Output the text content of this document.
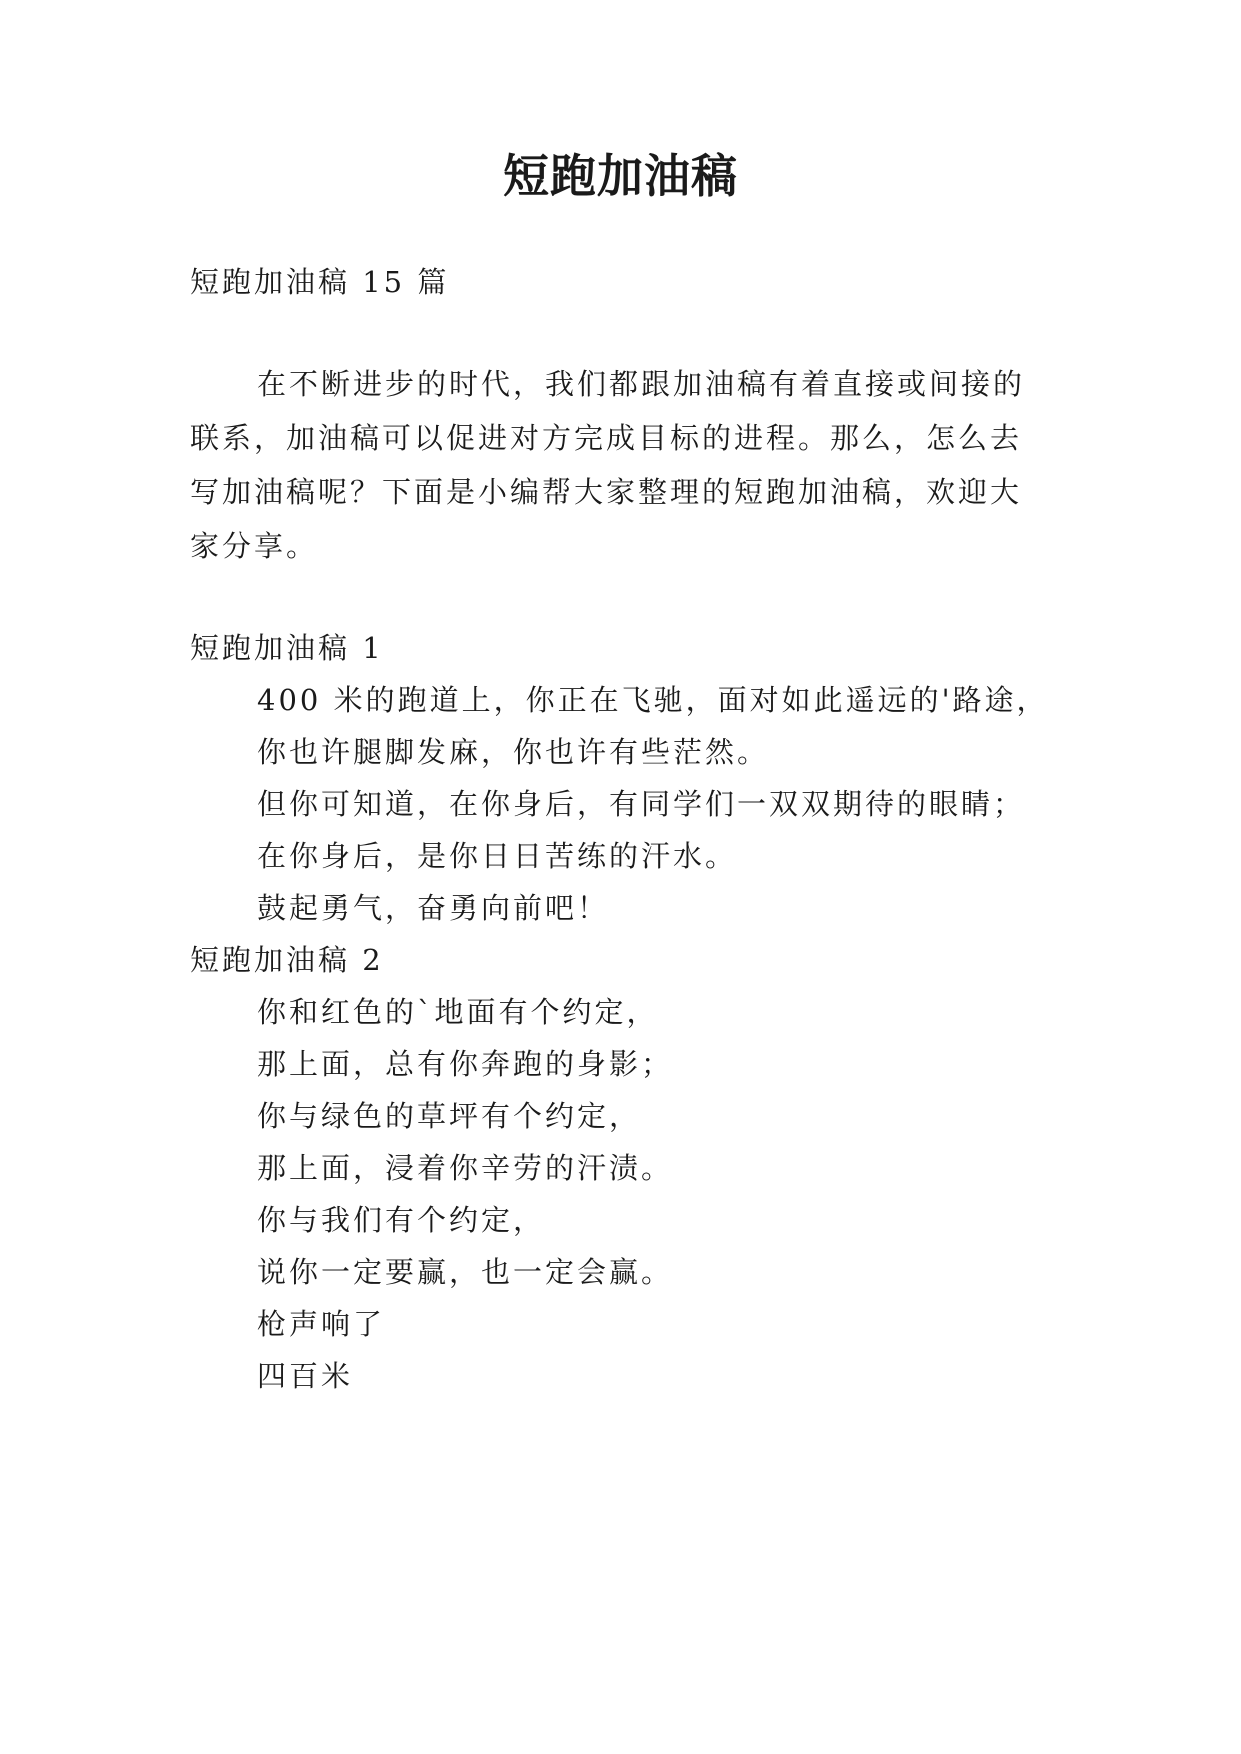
短跑加油稿
短跑加油稿 15 篇
在不断进步的时代，我们都跟加油稿有着直接或间接的
联系，加油稿可以促进对方完成目标的进程。那么，怎么去
写加油稿呢？下面是小编帮大家整理的短跑加油稿，欢迎大
家分享。
短跑加油稿 1
400 米的跑道上，你正在飞驰，面对如此遥远的'路途，
你也许腿脚发麻，你也许有些茫然。
但你可知道，在你身后，有同学们一双双期待的眼睛；
在你身后，是你日日苦练的汗水。
鼓起勇气，奋勇向前吧！
短跑加油稿 2
你和红色的`地面有个约定，
那上面，总有你奔跑的身影；
你与绿色的草坪有个约定，
那上面，浸着你辛劳的汗渍。
你与我们有个约定，
说你一定要赢，也一定会赢。
枪声响了
四百米
